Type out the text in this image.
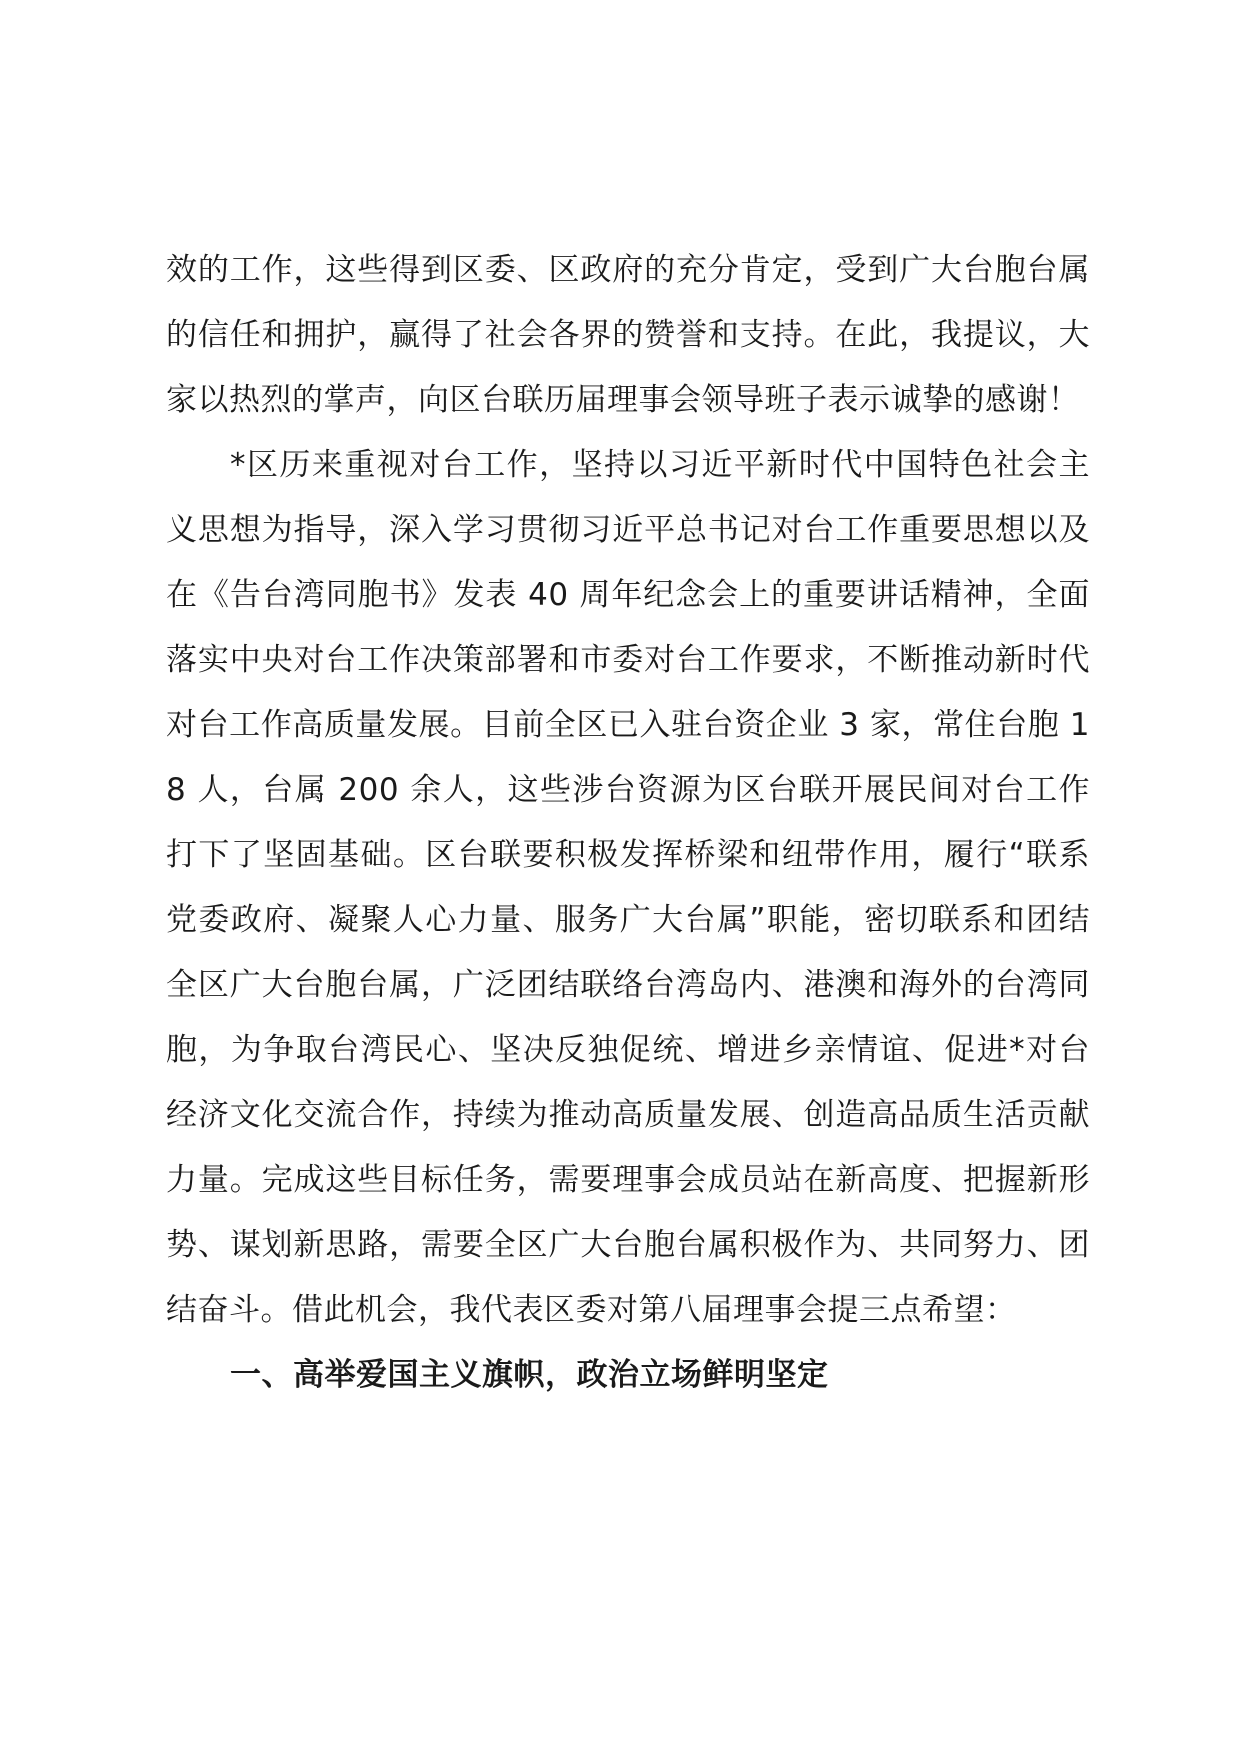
效的工作，这些得到区委、区政府的充分肯定，受到广大台胞台属的信任和拥护，赢得了社会各界的赞誉和支持。在此，我提议，大家以热烈的掌声，向区台联历届理事会领导班子表示诚挚的感谢！

*区历来重视对台工作，坚持以习近平新时代中国特色社会主义思想为指导，深入学习贯彻习近平总书记对台工作重要思想以及在《告台湾同胞书》发表 40 周年纪念会上的重要讲话精神，全面落实中央对台工作决策部署和市委对台工作要求，不断推动新时代对台工作高质量发展。目前全区已入驻台资企业 3 家，常住台胞 18 人，台属 200 余人，这些涉台资源为区台联开展民间对台工作打下了坚固基础。区台联要积极发挥桥梁和纽带作用，履行“联系党委政府、凝聚人心力量、服务广大台属”职能，密切联系和团结全区广大台胞台属，广泛团结联络台湾岛内、港澳和海外的台湾同胞，为争取台湾民心、坚决反独促统、增进乡亲情谊、促进*对台经济文化交流合作，持续为推动高质量发展、创造高品质生活贡献力量。完成这些目标任务，需要理事会成员站在新高度、把握新形势、谋划新思路，需要全区广大台胞台属积极作为、共同努力、团结奋斗。借此机会，我代表区委对第八届理事会提三点希望：

一、高举爱国主义旗帜，政治立场鲜明坚定
